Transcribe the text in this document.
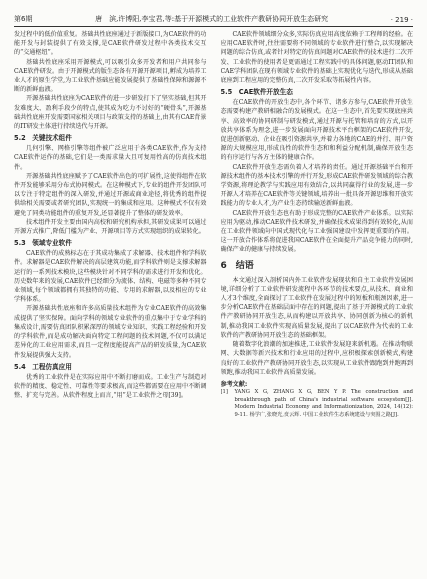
第6期	唐　滨,许博阳,李宝君,等:基于开源模式的工业软件产教研协同开放生态研究	· 219 ·

发过程中的低价值重复。基础共性底座通过于新版接口,为CAE软件的功能开发与封装提供了有效支撑,是CAE软件研发过程中各类技术交互的“交通枢纽”。

基础共性底座采用开源模式,可以吸引众多开发者和用户共同参与CAE软件研发。由于开源模式的版生态备有开源开源项目,孵成为培养工业人才的原生学堂,为工业软件基础应能发展提供了基础性保障和源源不断的新鲜血液。

开源基础共性底座为CAE软件的进一步研发打下了坚实基础,但其开发难度大、盈利手段少的特点,使其成为吃力不讨好的“硬骨头”,开源基础共性底座开发需要国家相关项目与政策支持的基础上,由其有CAE背景的IT研发主体进行持续迭代与开源。

5.2　关键技术组件

几何引擎、网格引擎等组件被广泛应用于各类CAE软件,作为支持CAE软件运作的基础,它们是一类需求量大且可复用性高的仿真技术组件。

开源基础共性底座赋予了CAE软件出色的可扩展性,这使得组件在软件开发能够采用分布式协同模式。在这种模式下,专业的组件开发团队可以专注于特定组件的深入研发,并通过开源或商业途径,将优秀的组件提供给相关需要或者研究团队,实现统一的集成和应用。这种模式不仅有效避免了同类功能组件的重复开发,还显著提升了整体的研发效率。

技术组件开发主要由国内高校和研究机构承担,其研发成果可以通过开源方式推广,降低门槛为产业、开源项目等方式实现组织的成果转化。

5.3　领域专业软件

CAE软件的成熟标志在于其成功集成了求解器、技术组件和学科软件。求解器是CAE软件解决的高层建筑功能,而学科软件则是支撑求解器运行的一系列技术模块,这些模块针对不同学科的需求进行开发和优化。历史数年来的发展,CAE软件已经细分为流体、结构、电磁等多种不同专业领域,每个领域都拥有其独特的功能、专用的求解器,以及相应的专业学科体系。

开源基础共性底座和许多高质量技术组件为专业CAE软件的高效集成提供了坚实保障。面向学科的领域专业软件的重点集中于专业学科的集成设计,需要仿真团队积累深厚的领域专业知识、实践工程经验和开发的学科软件,而是成功解决面向特定工程问题的技术问题,不仅可以满足差异化的工业应用需求,而且一定程度能提高产品的研发质量,为CAE软件发展提供强大支持。

5.4　工程仿真应用

优秀的工业软件是在实际应用中不断打磨而成。工业生产与制造对软件的精度、稳定性、可靠性等要求极高,而这些都需要在应用中不断调整、扩充与完善。从软件程度上而言,“用”是工业软件之母[39]。

CAE软件领域细分众多,实际仿真应用高度依赖于工程师的经验。在应用CAE软件时,往往需要将不同领域的专业软件进行整合,以实现解决问题的综合仿真,或者针对特定的仿真问题对CAE软件的技术进行二次开发、工业软件的使用者是更需通过工程实践中的具体问题,驱动IT团队和CAE学科团队在现有领域专业软件的基础上实现优化与迭代,形成从基础底座到工程应用的完整仿真,二次开发采取等拓展性内容。

5.5　CAE软件开放生态

在CAE软件的开放生态中,各个环节、诸多方参与,CAE软件开放生态需要构建产教研相融合的发展模式。在这一生态中,首先要实现底座共享、高效率的协同研制与研发模式,通过开源与托管和培育的方式,以开放共享体系为理念,进一步发展面向开源技术平台框架的CAE软件开发,促进创新驱动、企业在吸引资源共享,并着力各地的CAE的并行、用户资源的大规模应用,形成良性的软件生态和和利益分配机制,确保开放生态的有序运行与各方主体的健康合作。

CAE软件开放生态需负着人才培养的责任。通过开源基础平台和开源技术组件的基本技术引擎的并行开发,形成CAE软件研发领域的综合教学资源,将理论教学与实践应用有效结合,以共同赢得行业的发展,进一步开源人才培养在CAE软件等关键领域,培养出一批具备开源思维和开放实践能力的专业人才,为产业生态持续输送新鲜血液。

CAE软件开放生态也有助于形成完整的CAE软件产业体系。以实际应用为驱动,推动CAE软件技术研发,并确保技术成果得到有效转化,从而在工业软件领域向中国式现代化与工业强国建设中发挥更重要的作用。这一开放合作体系将促进我国CAE软件在全面提升产品竞争能力的同时,确保产业的健康与持续发展。

6　结语

本文通过深入剖析国内外工业软件发展现状和自主工业软件发展困境,详细分析了工业软件研发流程中各环节的技术要点,从技术、商业和人才3个维度,全面探讨了工业软件在发展过程中的短板和瓶颈因素,进一步分析CAE软件在基础层面中存在的问题,提出了基于开源模式的工业软件产教研协同开放生态,从而构建以开放共享、协同创新为核心的新机制,推动我国工业软件实现高质量发展,提出了以CAE软件为代表的工业软件的产教研协同开放生态的基础框架。

随着数字化浪潮的加速推进,工业软件发展迎来新机遇。在推动物联网、大数据等新兴技术和行业应用的过程中,应积极探索创新模式,构建良好的工业软件产教研协同开放生态,以实现从工业软件跟跑到并跑再到领跑,推动我国工业软件高质量发展。

参考文献:
[1]	YANG X G, ZHANG X G, BEN Y P. The construction and breakthrough path of China's industrial software ecosystem[J]. Modern Industrial Economy and Informationization, 2024, 14(12): 9-11. 杨学广,张晓光,贲云辉. 中国工业软件生态系统建设与突围之路[J].
